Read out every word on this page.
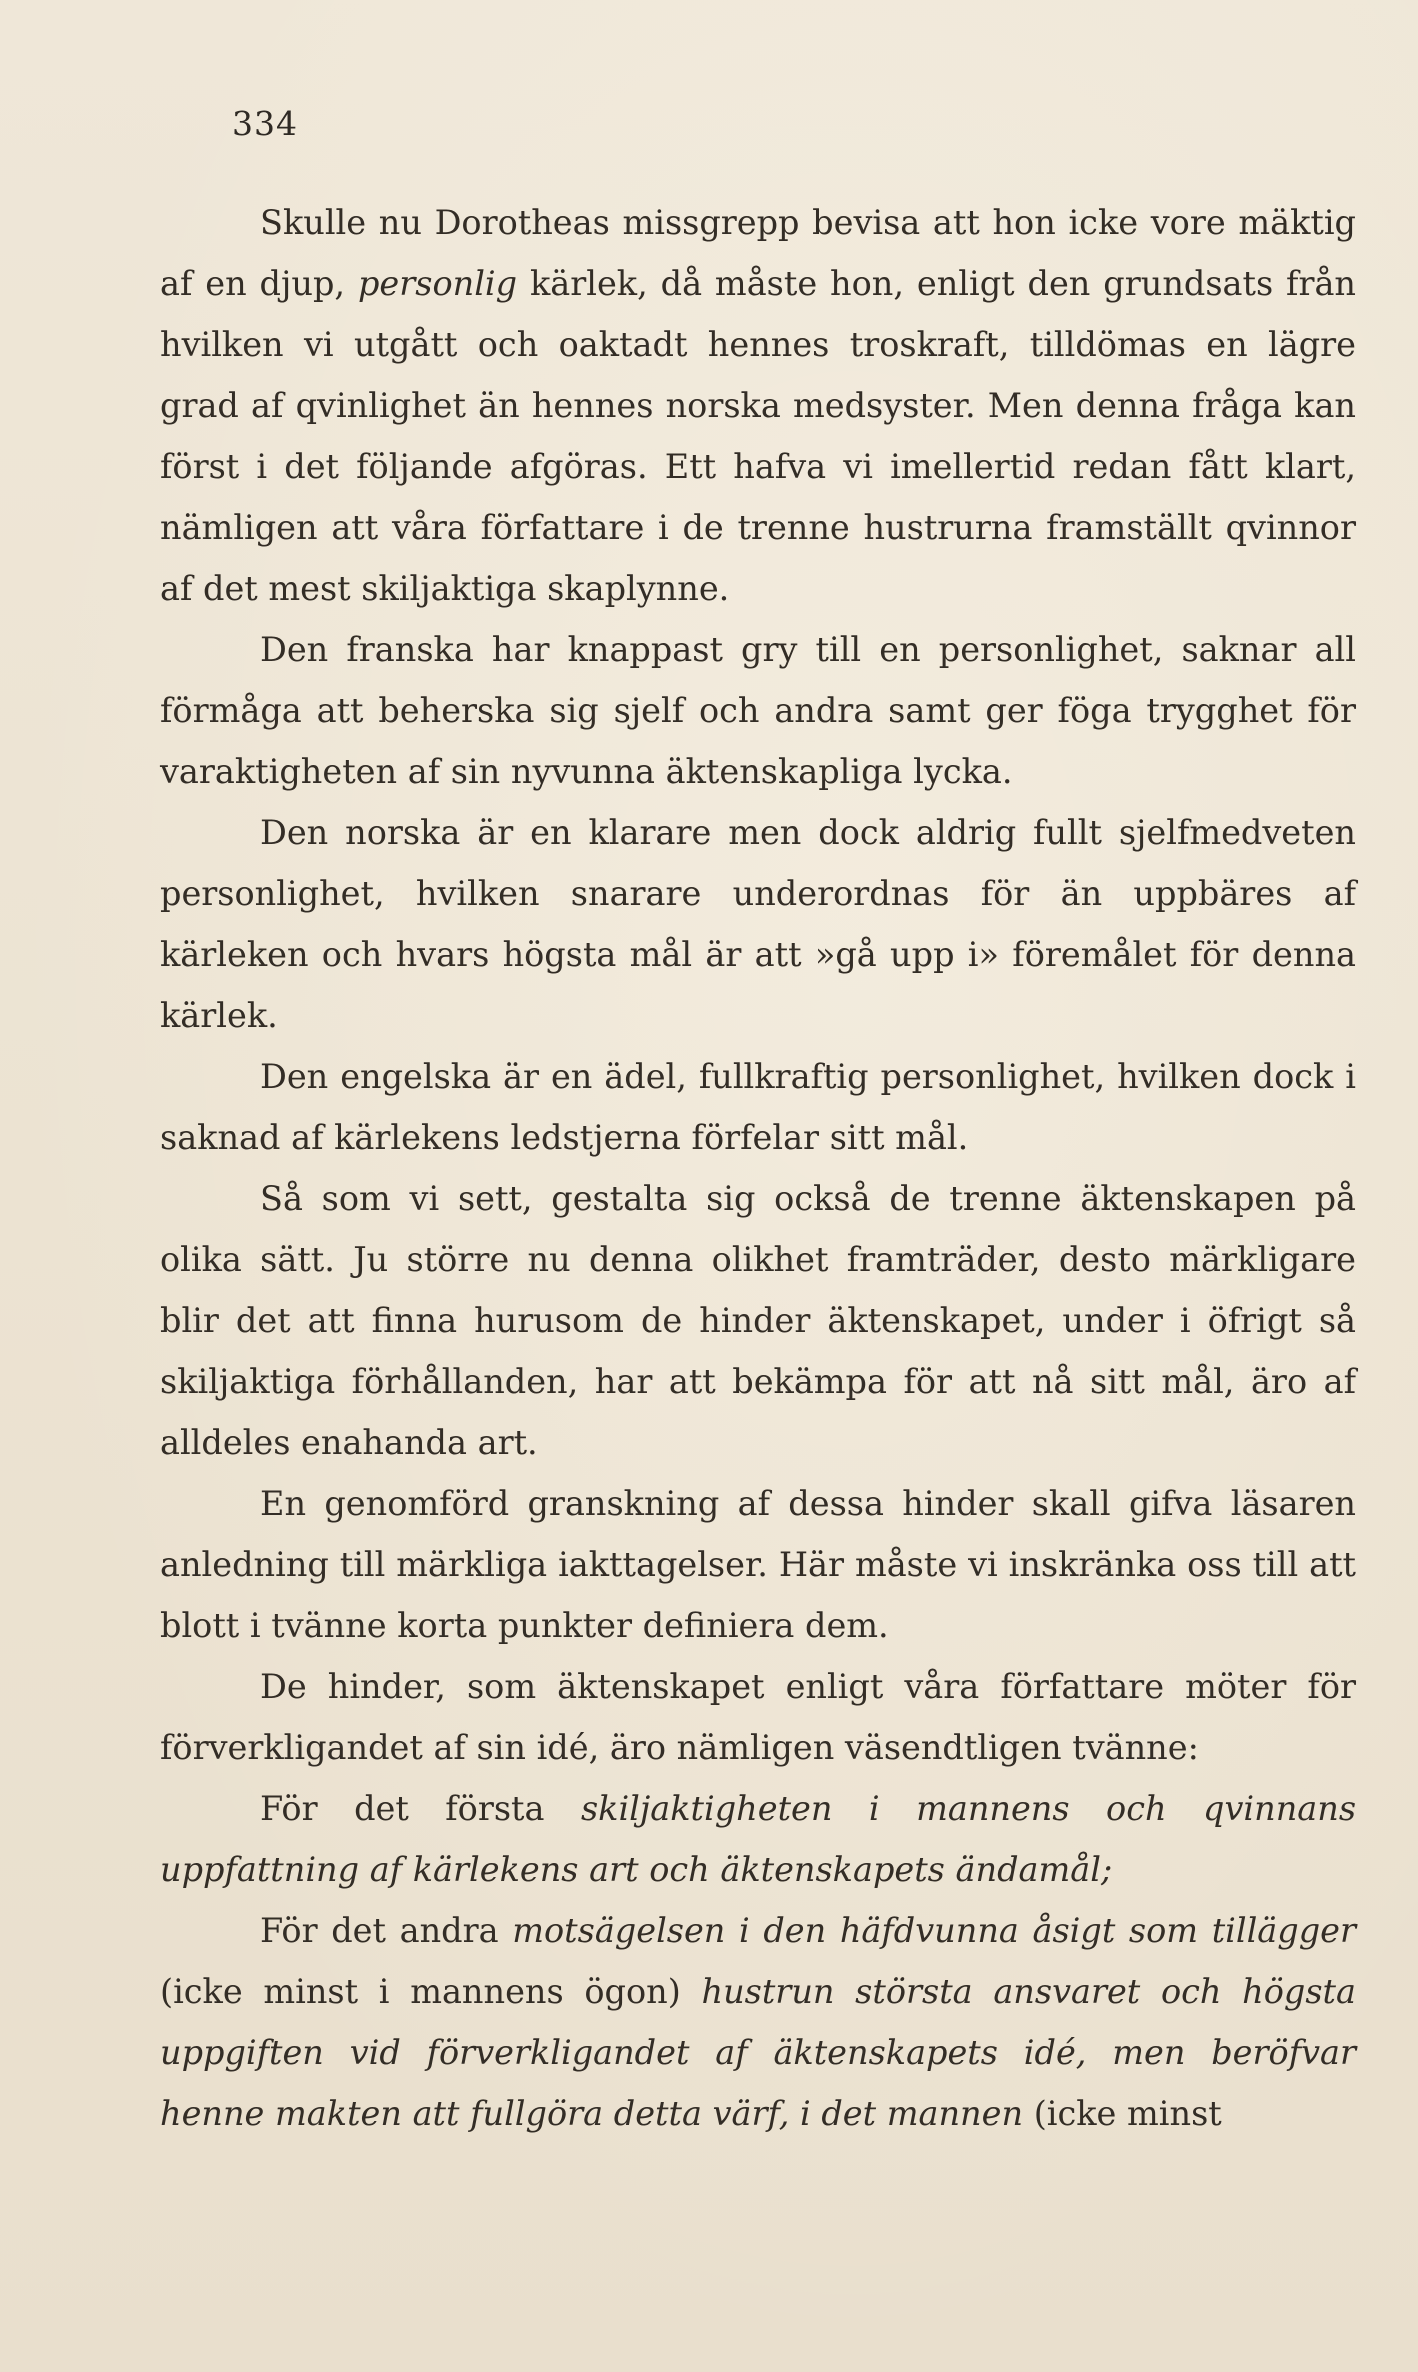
334

Skulle nu Dorotheas missgrepp bevisa att hon icke vore mäktig af en djup, personlig kärlek, då måste hon, enligt den grundsats från hvilken vi utgått och oaktadt hennes troskraft, tilldömas en lägre grad af qvinlighet än hennes norska medsyster. Men denna fråga kan först i det följande afgöras. Ett hafva vi imellertid redan fått klart, nämligen att våra författare i de trenne hustrurna framställt qvinnor af det mest skiljaktiga skaplynne.

Den franska har knappast gry till en personlighet, saknar all förmåga att beherska sig sjelf och andra samt ger föga trygghet för varaktigheten af sin nyvunna äktenskapliga lycka.

Den norska är en klarare men dock aldrig fullt sjelfmedveten personlighet, hvilken snarare underordnas för än uppbäres af kärleken och hvars högsta mål är att »gå upp i» föremålet för denna kärlek.

Den engelska är en ädel, fullkraftig personlighet, hvilken dock i saknad af kärlekens ledstjerna förfelar sitt mål.

Så som vi sett, gestalta sig också de trenne äktenskapen på olika sätt. Ju större nu denna olikhet framträder, desto märkligare blir det att finna hurusom de hinder äktenskapet, under i öfrigt så skiljaktiga förhållanden, har att bekämpa för att nå sitt mål, äro af alldeles enahanda art.

En genomförd granskning af dessa hinder skall gifva läsaren anledning till märkliga iakttagelser. Här måste vi inskränka oss till att blott i tvänne korta punkter definiera dem.

De hinder, som äktenskapet enligt våra författare möter för förverkligandet af sin idé, äro nämligen väsendtligen tvänne:

För det första skiljaktigheten i mannens och qvinnans uppfattning af kärlekens art och äktenskapets ändamål;

För det andra motsägelsen i den häfdvunna åsigt som tillägger (icke minst i mannens ögon) hustrun största ansvaret och högsta uppgiften vid förverkligandet af äktenskapets idé, men beröfvar henne makten att fullgöra detta värf, i det mannen (icke minst
